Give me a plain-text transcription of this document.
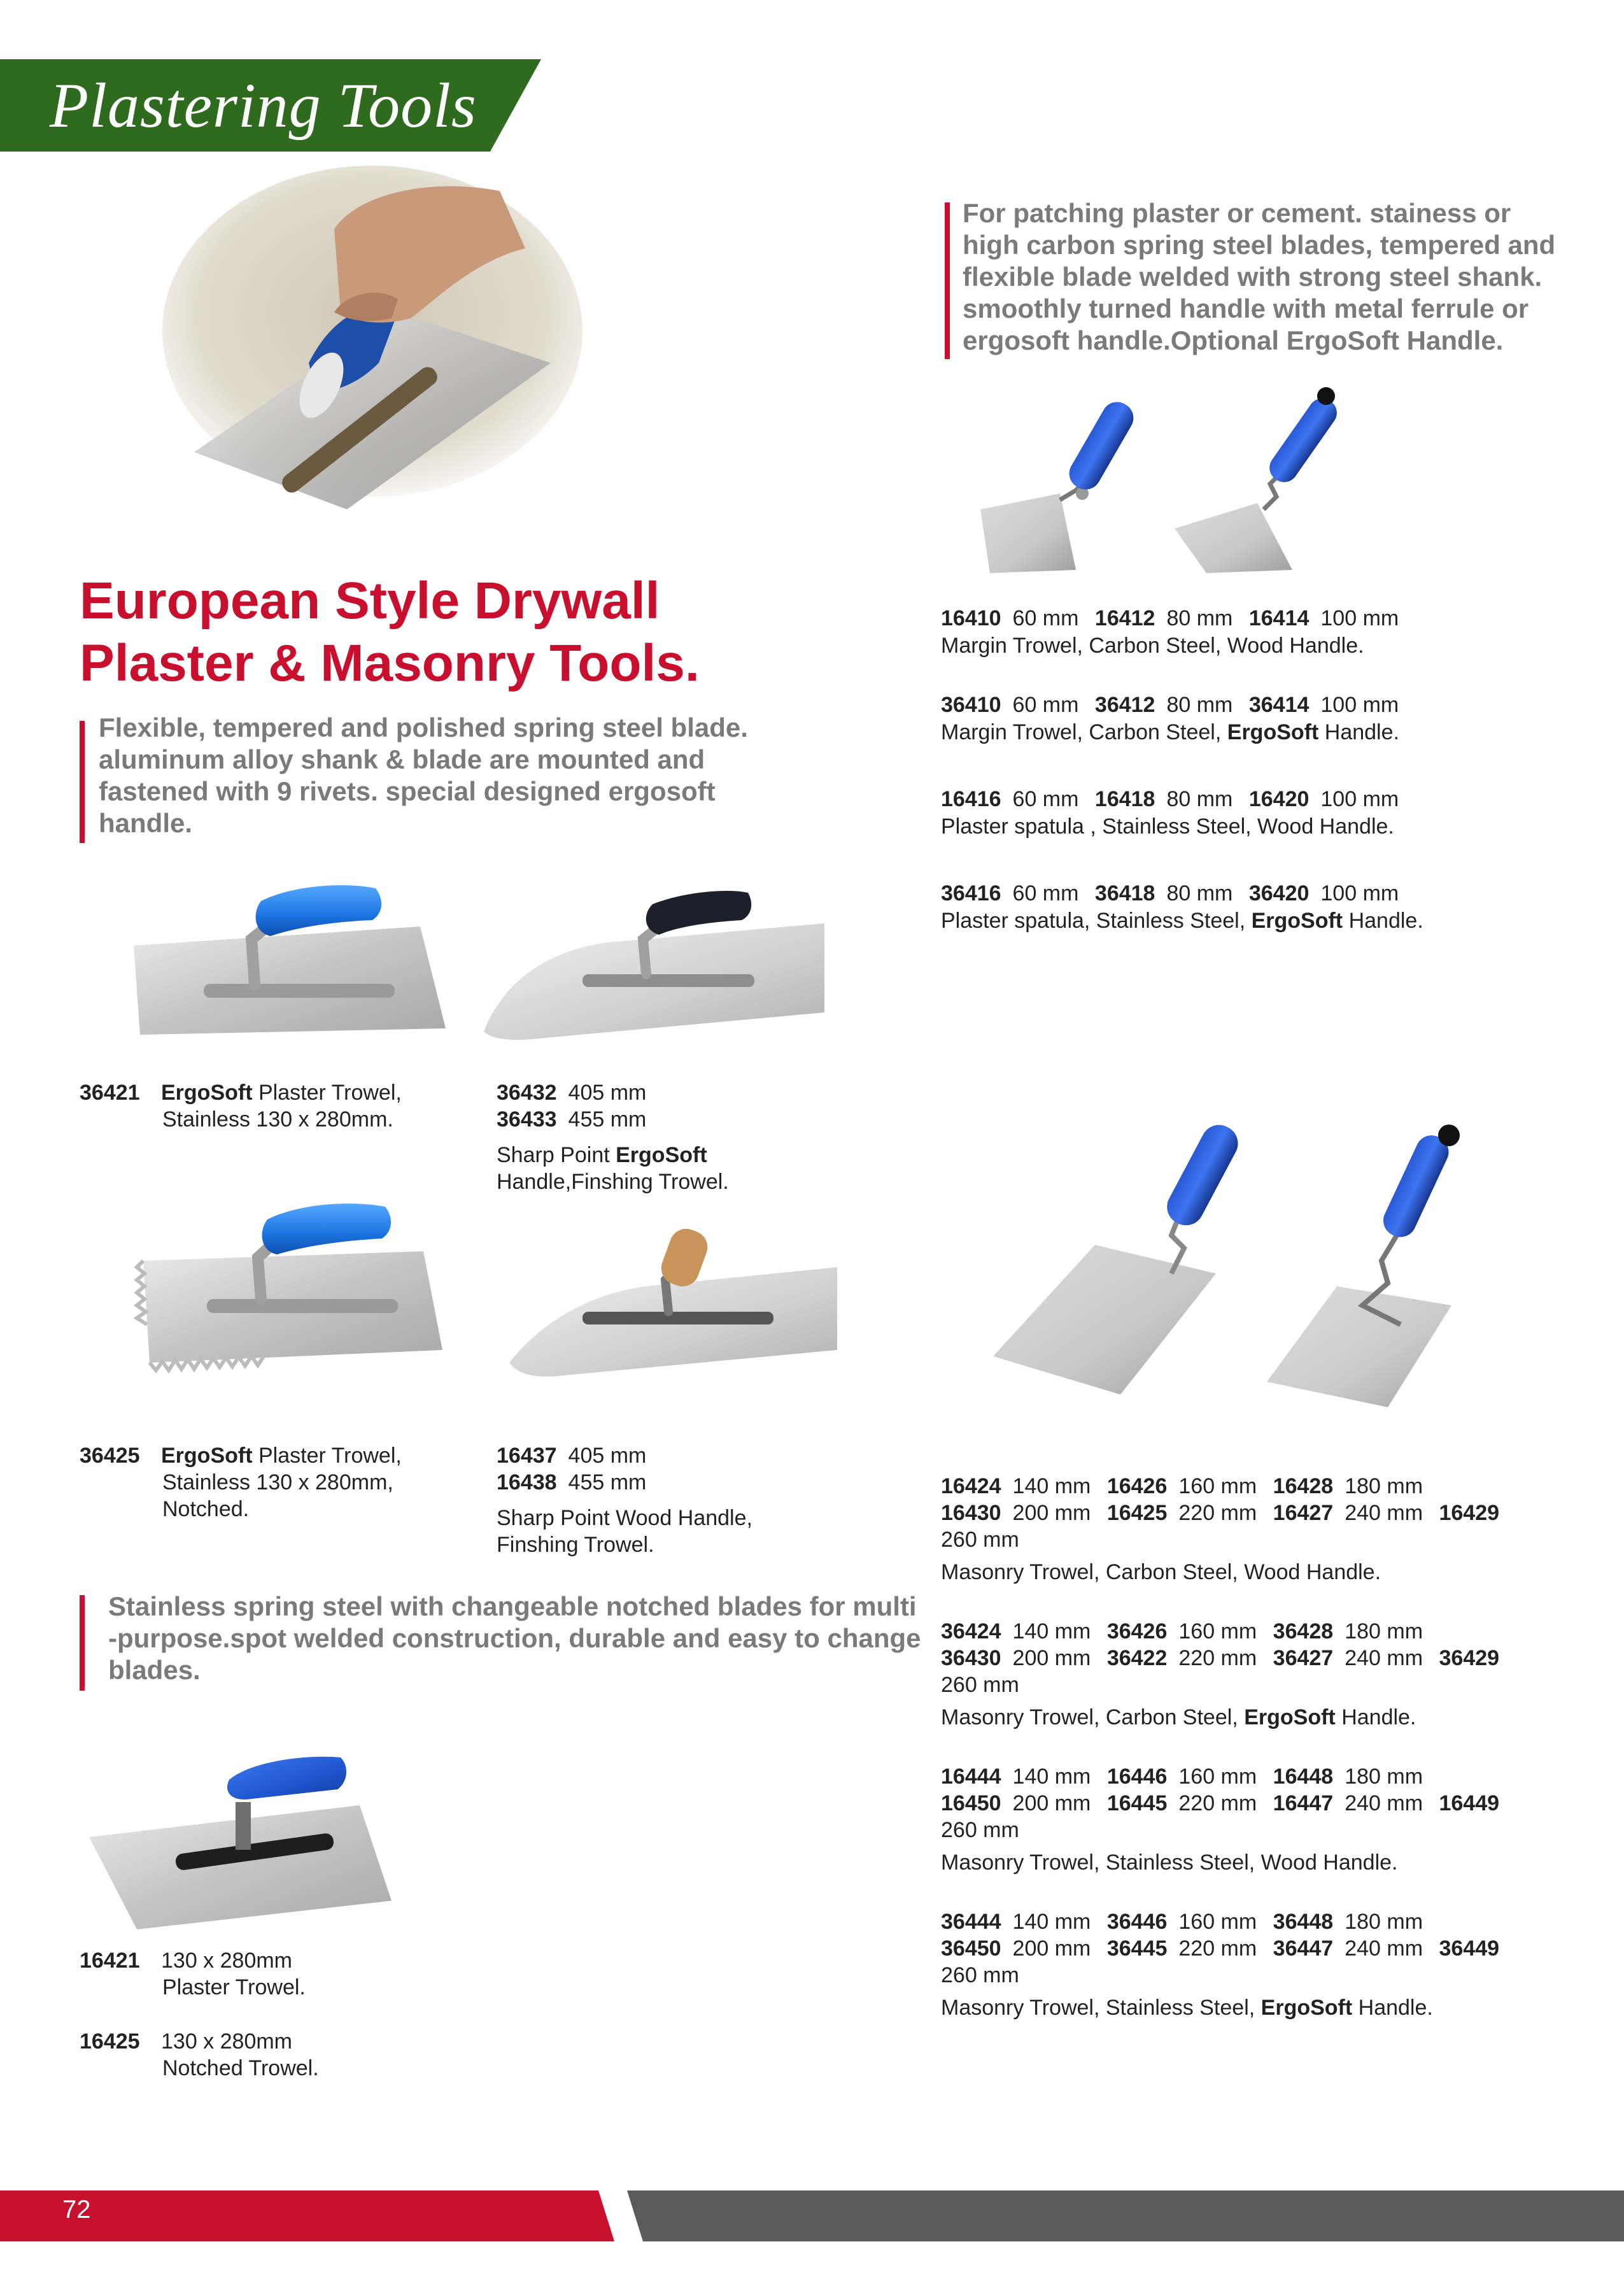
Plastering Tools
For patching plaster or cement. stainess or
high carbon spring steel blades, tempered and
flexible blade welded with strong steel shank.
smoothly turned handle with metal ferrule or
ergosoft handle.Optional ErgoSoft Handle.
16410 60 mm 16412 80 mm 16414 100 mm
Margin Trowel, Carbon Steel, Wood Handle.
36410 60 mm 36412 80 mm 36414 100 mm
Margin Trowel, Carbon Steel, ErgoSoft Handle.
16416 60 mm 16418 80 mm 16420 100 mm
Plaster spatula , Stainless Steel, Wood Handle.
36416 60 mm 36418 80 mm 36420 100 mm
Plaster spatula, Stainless Steel, ErgoSoft Handle.
European Style Drywall
Plaster & Masonry Tools.
Flexible, tempered and polished spring steel blade.
aluminum alloy shank & blade are mounted and
fastened with 9 rivets. special designed ergosoft
handle.
36421 ErgoSoft Plaster Trowel,
Stainless 130 x 280mm.
36432 405 mm
36433 455 mm
Sharp Point ErgoSoft
Handle,Finshing Trowel.
36425 ErgoSoft Plaster Trowel,
Stainless 130 x 280mm,
Notched.
16437 405 mm
16438 455 mm
Sharp Point Wood Handle,
Finshing Trowel.
Stainless spring steel with changeable notched blades for multi
-purpose.spot welded construction, durable and easy to change
blades.
16421 130 x 280mm
Plaster Trowel.
16425 130 x 280mm
Notched Trowel.
16424 140 mm 16426 160 mm 16428 180 mm
16430 200 mm 16425 220 mm 16427 240 mm 16429
260 mm
Masonry Trowel, Carbon Steel, Wood Handle.
36424 140 mm 36426 160 mm 36428 180 mm
36430 200 mm 36422 220 mm 36427 240 mm 36429
260 mm
Masonry Trowel, Carbon Steel, ErgoSoft Handle.
16444 140 mm 16446 160 mm 16448 180 mm
16450 200 mm 16445 220 mm 16447 240 mm 16449
260 mm
Masonry Trowel, Stainless Steel, Wood Handle.
36444 140 mm 36446 160 mm 36448 180 mm
36450 200 mm 36445 220 mm 36447 240 mm 36449
260 mm
Masonry Trowel, Stainless Steel, ErgoSoft Handle.
72
